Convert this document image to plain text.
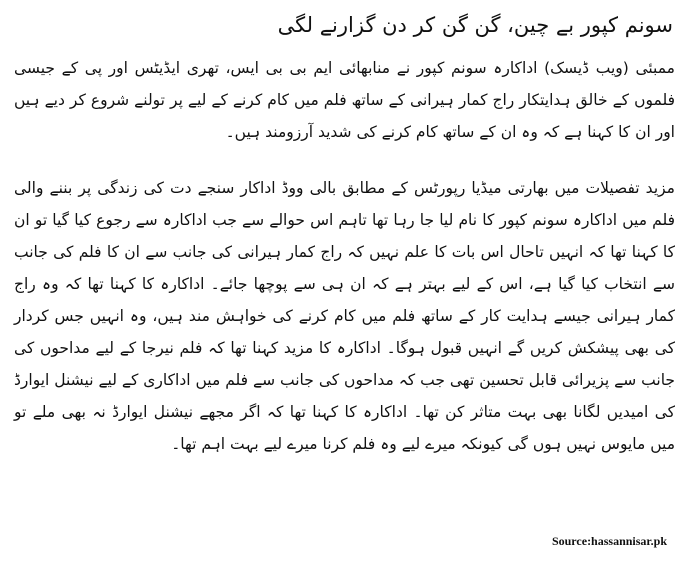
سونم کپور بے چین، گن گن کر دن گزارنے لگی

ممبئی (ویب ڈیسک) اداکارہ سونم کپور نے منابھائی ایم بی بی ایس، تھری ایڈیٹس اور پی کے جیسی فلموں کے خالق ہدایتکار راج کمار ہیرانی کے ساتھ فلم میں کام کرنے کے لیے پر تولنے شروع کر دیے ہیں اور ان کا کہنا ہے کہ وہ ان کے ساتھ کام کرنے کی شدید آرزومند ہیں۔

مزید تفصیلات میں بھارتی میڈیا رپورٹس کے مطابق بالی ووڈ اداکار سنجے دت کی زندگی پر بننے والی فلم میں اداکارہ سونم کپور کا نام لیا جا رہا تھا تاہم اس حوالے سے جب اداکارہ سے رجوع کیا گیا تو ان کا کہنا تھا کہ انہیں تاحال اس بات کا علم نہیں کہ راج کمار ہیرانی کی جانب سے ان کا فلم کی جانب سے انتخاب کیا گیا ہے، اس کے لیے بہتر ہے کہ ان ہی سے پوچھا جائے۔ اداکارہ کا کہنا تھا کہ وہ راج کمار ہیرانی جیسے ہدایت کار کے ساتھ فلم میں کام کرنے کی خواہش مند ہیں، وہ انہیں جس کردار کی بھی پیشکش کریں گے انہیں قبول ہوگا۔ اداکارہ کا مزید کہنا تھا کہ فلم نیرجا کے لیے مداحوں کی جانب سے پزیرائی قابل تحسین تھی جب کہ مداحوں کی جانب سے فلم میں اداکاری کے لیے نیشنل ایوارڈ کی امیدیں لگانا بھی بہت متاثر کن تھا۔ اداکارہ کا کہنا تھا کہ اگر مجھے نیشنل ایوارڈ نہ بھی ملے تو میں مایوس نہیں ہوں گی کیونکہ میرے لیے وہ فلم کرنا میرے لیے بہت اہم تھا۔

Source:hassannisar.pk
